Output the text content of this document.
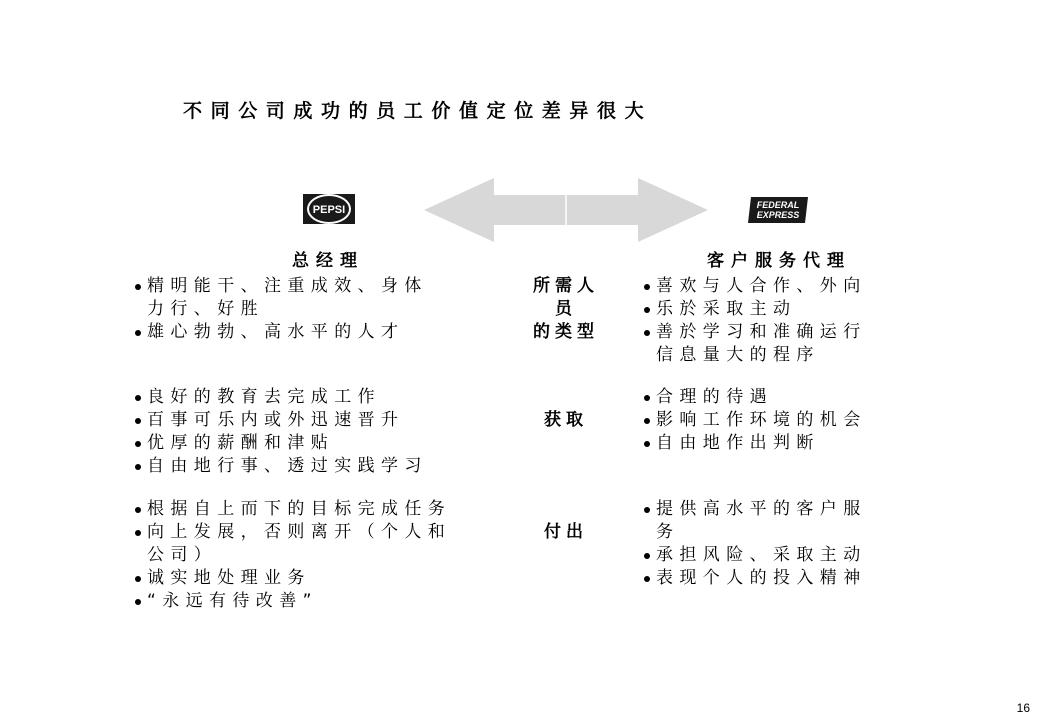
不同公司成功的员工价值定位差异很大
PEPSI	FEDERAL
EXPRESS
总经理	客户服务代理
精明能干、注重成效、身体
力行、好胜
雄心勃勃、高水平的人才
所需人
员
的类型
喜欢与人合作、外向
乐於采取主动
善於学习和准确运行
信息量大的程序
良好的教育去完成工作
百事可乐内或外迅速晋升
优厚的薪酬和津贴
自由地行事、透过实践学习
获取
合理的待遇
影响工作环境的机会
自由地作出判断
根据自上而下的目标完成任务
向上发展，否则离开（个人和
公司）
诚实地处理业务
“永远有待改善”
付出
提供高水平的客户服
务
承担风险、采取主动
表现个人的投入精神
16
